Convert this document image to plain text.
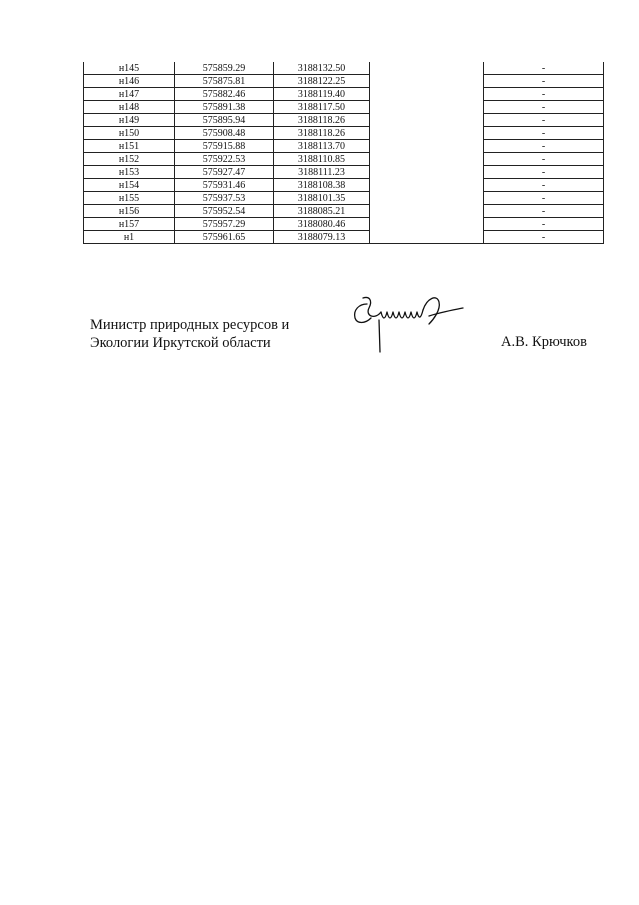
н145	575859.29	3188132.50		-
н146	575875.81	3188122.25		-
н147	575882.46	3188119.40		-
н148	575891.38	3188117.50		-
н149	575895.94	3188118.26		-
н150	575908.48	3188118.26		-
н151	575915.88	3188113.70		-
н152	575922.53	3188110.85		-
н153	575927.47	3188111.23		-
н154	575931.46	3188108.38		-
н155	575937.53	3188101.35		-
н156	575952.54	3188085.21		-
н157	575957.29	3188080.46		-
н1	575961.65	3188079.13		-
Министр природных ресурсов и
Экологии Иркутской области	А.В. Крючков
